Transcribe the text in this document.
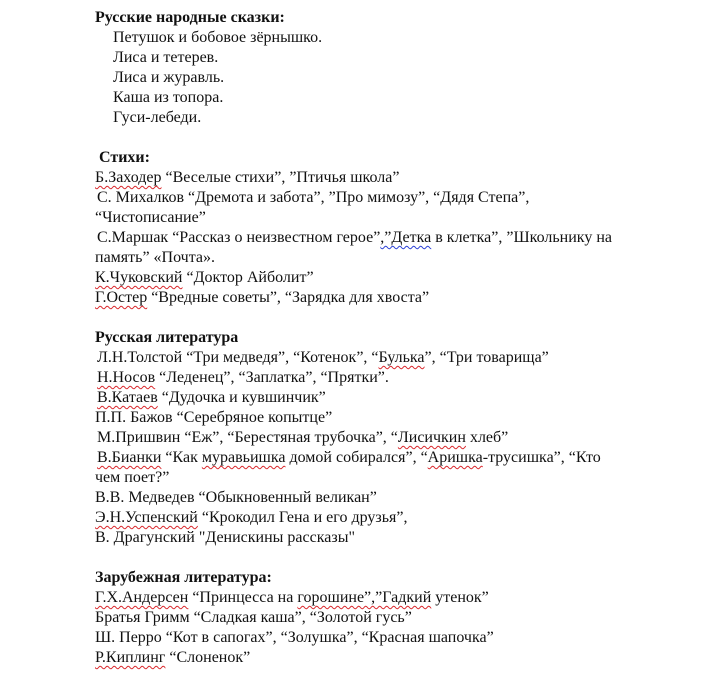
Русские народные сказки:
Петушок и бобовое зёрнышко.
Лиса и тетерев.
Лиса и журавль.
Каша из топора.
Гуси-лебеди.
Стихи:
Б.Заходер “Веселые стихи”, ”Птичья школа”
С. Михалков “Дремота и забота”, ”Про мимозу”, “Дядя Степа”,
“Чистописание”
С.Маршак “Рассказ о неизвестном герое”,”Детка в клетка”, ”Школьнику на
память” «Почта».
К.Чуковский “Доктор Айболит”
Г.Остер “Вредные советы”, “Зарядка для хвоста”
Русская литература
Л.Н.Толстой “Три медведя”, “Котенок”, “Булька”, “Три товарища”
Н.Носов “Леденец”, “Заплатка”, “Прятки”.
В.Катаев “Дудочка и кувшинчик”
П.П. Бажов “Серебряное копытце”
М.Пришвин “Еж”, “Берестяная трубочка”, “Лисичкин хлеб”
В.Бианки “Как муравьишка домой собирался”, “Аришка-трусишка”, “Кто
чем поет?”
В.В. Медведев “Обыкновенный великан”
Э.Н.Успенский “Крокодил Гена и его друзья”,
В. Драгунский "Денискины рассказы"
Зарубежная литература:
Г.Х.Андерсен “Принцесса на горошине”,”Гадкий утенок”
Братья Гримм “Сладкая каша”, “Золотой гусь”
Ш. Перро “Кот в сапогах”, “Золушка”, “Красная шапочка”
Р.Киплинг “Слоненок”
